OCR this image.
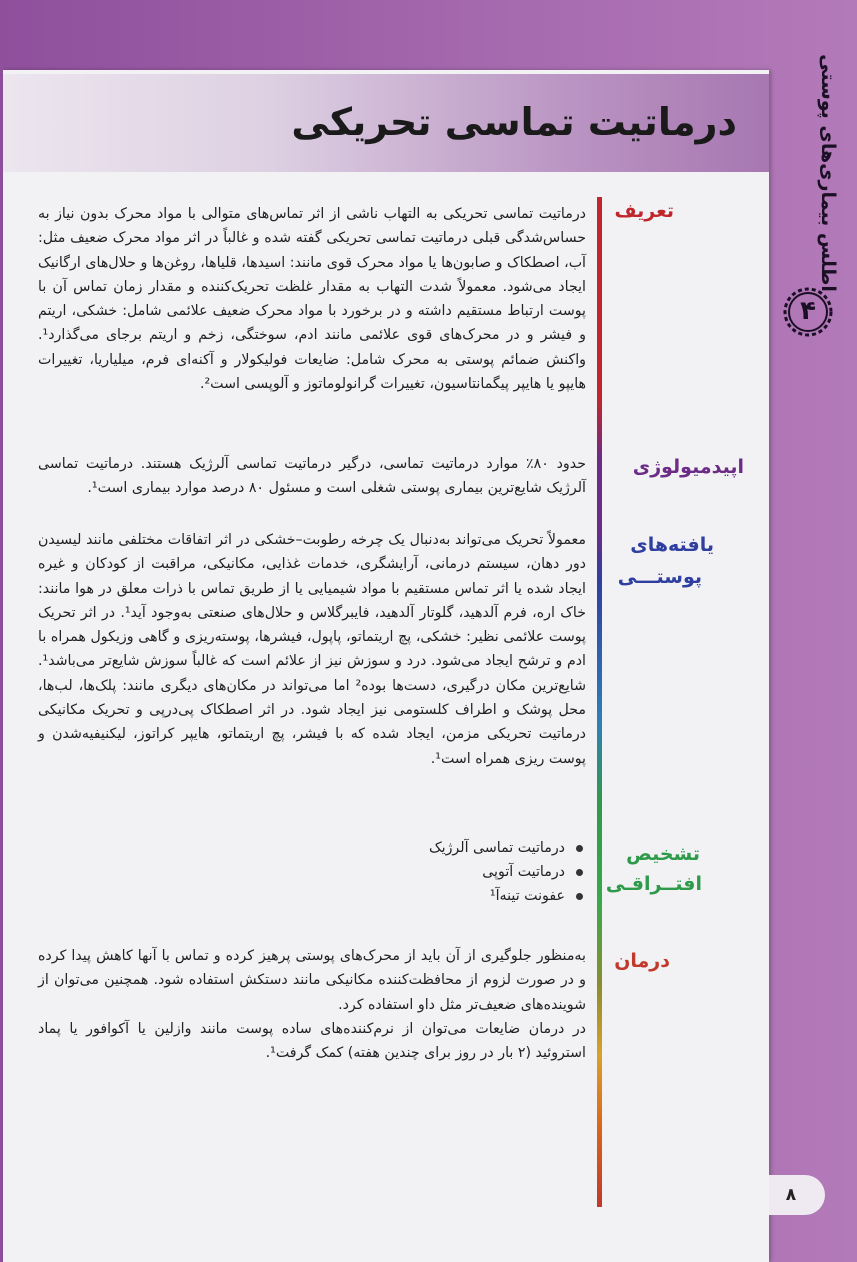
اطلس بیماری‌های پوستی
۴
درماتیت تماسی تحریکی
تعریف

درماتیت تماسی تحریکی به التهاب ناشی از اثر تماس‌های متوالی با مواد محرک بدون نیاز به حساس‌شدگی قبلی درماتیت تماسی تحریکی گفته شده و غالباً در اثر مواد محرک ضعیف مثل: آب، اصطکاک و صابون‌ها یا مواد محرک قوی مانند: اسیدها، قلیاها، روغن‌ها و حلال‌های ارگانیک ایجاد می‌شود. معمولاً شدت التهاب به مقدار غلظت تحریک‌کننده و مقدار زمان تماس آن با پوست ارتباط مستقیم داشته و در برخورد با مواد محرک ضعیف علائمی شامل: خشکی، اریتم و فیشر و در محرک‌های قوی علائمی مانند ادم، سوختگی، زخم و اریتم برجای می‌گذارد¹. واکنش ضمائم پوستی به محرک شامل: ضایعات فولیکولار و آکنه‌ای فرم، میلیاریا، تغییرات هایپو یا هایپر پیگمانتاسیون، تغییرات گرانولوماتوز و آلوپسی است².

اپیدمیولوژی

حدود ۸۰٪ موارد درماتیت تماسی، درگیر درماتیت تماسی آلرژیک هستند. درماتیت تماسی آلرژیک شایع‌ترین بیماری پوستی شغلی است و مسئول ۸۰ درصد موارد بیماری است¹.

یافته‌های
پوستـــی

معمولاً تحریک می‌تواند به‌دنبال یک چرخه رطوبت–خشکی در اثر اتفاقات مختلفی مانند لیسیدن دور دهان، سیستم درمانی، آرایشگری، خدمات غذایی، مکانیکی، مراقبت از کودکان و غیره ایجاد شده یا اثر تماس مستقیم با مواد شیمیایی یا از طریق تماس با ذرات معلق در هوا مانند: خاک اره، فرم آلدهید، گلوتار آلدهید، فایبرگلاس و حلال‌های صنعتی به‌وجود آید¹. در اثر تحریک پوست علائمی نظیر: خشکی، پچ اریتماتو، پاپول، فیشرها، پوسته‌ریزی و گاهی وزیکول همراه با ادم و ترشح ایجاد می‌شود. درد و سوزش نیز از علائم است که غالباً سوزش شایع‌تر می‌باشد¹. شایع‌ترین مکان درگیری، دست‌ها بوده² اما می‌تواند در مکان‌های دیگری مانند: پلک‌ها، لب‌ها، محل پوشک و اطراف کلستومی نیز ایجاد شود. در اثر اصطکاک پی‌درپی و تحریک مکانیکی درماتیت تحریکی مزمن، ایجاد شده که با فیشر، پچ اریتماتو، هایپر کراتوز، لیکنیفیه‌شدن و پوست ریزی همراه است¹.

تشخیص
افتــراقـی
درماتیت تماسی آلرژیک
درماتیت آتوپی
عفونت تینه‌آ¹
درمان

به‌منظور جلوگیری از آن باید از محرک‌های پوستی پرهیز کرده و تماس با آنها کاهش پیدا کرده و در صورت لزوم از محافظت‌کننده مکانیکی مانند دستکش استفاده شود. همچنین می‌توان از شوینده‌های ضعیف‌تر مثل داو استفاده کرد.

در درمان ضایعات می‌توان از نرم‌کننده‌های ساده پوست مانند وازلین یا آکوافور یا پماد استروئید (۲ بار در روز برای چندین هفته) کمک گرفت¹.

۸
